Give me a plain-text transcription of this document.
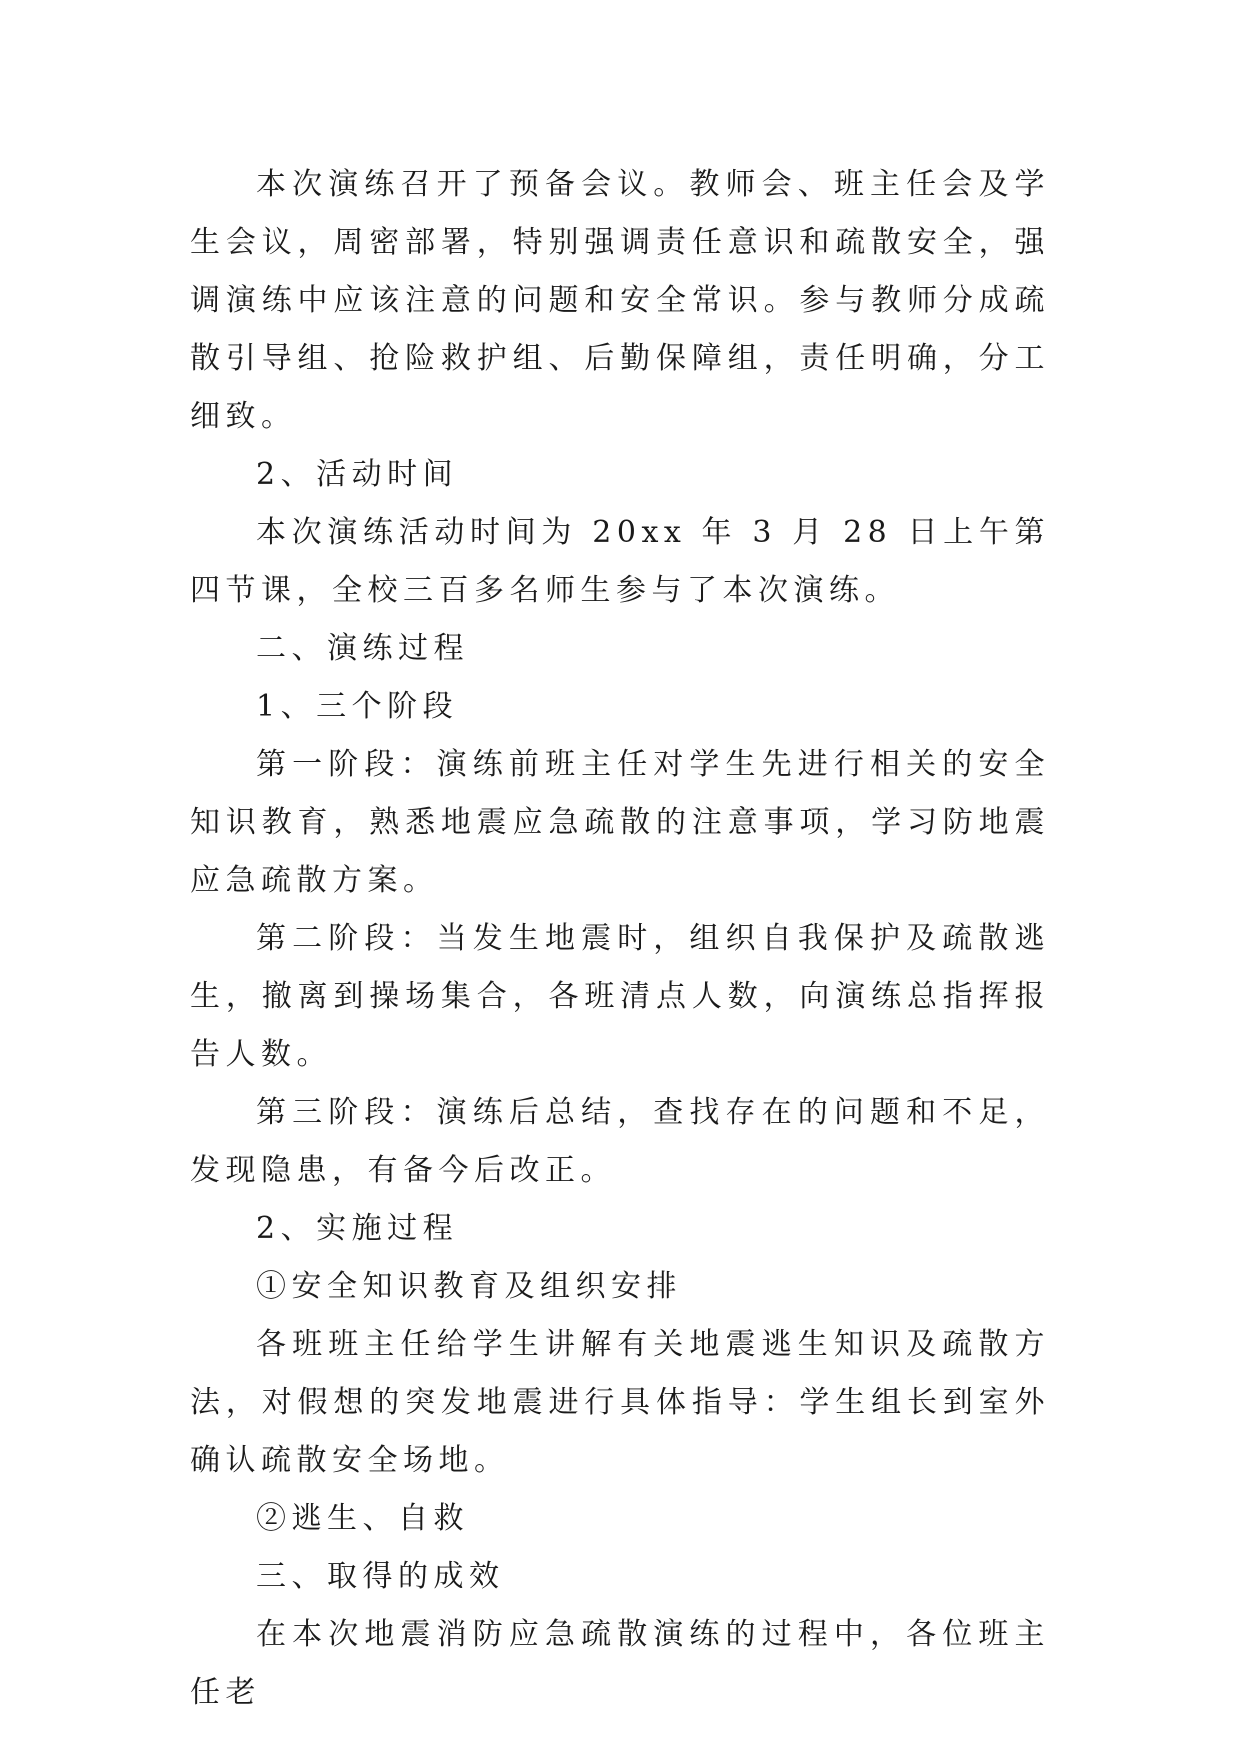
本次演练召开了预备会议。教师会、班主任会及学生会议，周密部署，特别强调责任意识和疏散安全，强调演练中应该注意的问题和安全常识。参与教师分成疏散引导组、抢险救护组、后勤保障组，责任明确，分工细致。

2、活动时间

本次演练活动时间为 20xx 年 3 月 28 日上午第四节课，全校三百多名师生参与了本次演练。

二、演练过程

1、三个阶段

第一阶段：演练前班主任对学生先进行相关的安全知识教育，熟悉地震应急疏散的注意事项，学习防地震应急疏散方案。

第二阶段：当发生地震时，组织自我保护及疏散逃生，撤离到操场集合，各班清点人数，向演练总指挥报告人数。

第三阶段：演练后总结，查找存在的问题和不足，发现隐患，有备今后改正。

2、实施过程

①安全知识教育及组织安排

各班班主任给学生讲解有关地震逃生知识及疏散方法，对假想的突发地震进行具体指导：学生组长到室外确认疏散安全场地。

②逃生、自救

三、取得的成效

在本次地震消防应急疏散演练的过程中，各位班主任老
